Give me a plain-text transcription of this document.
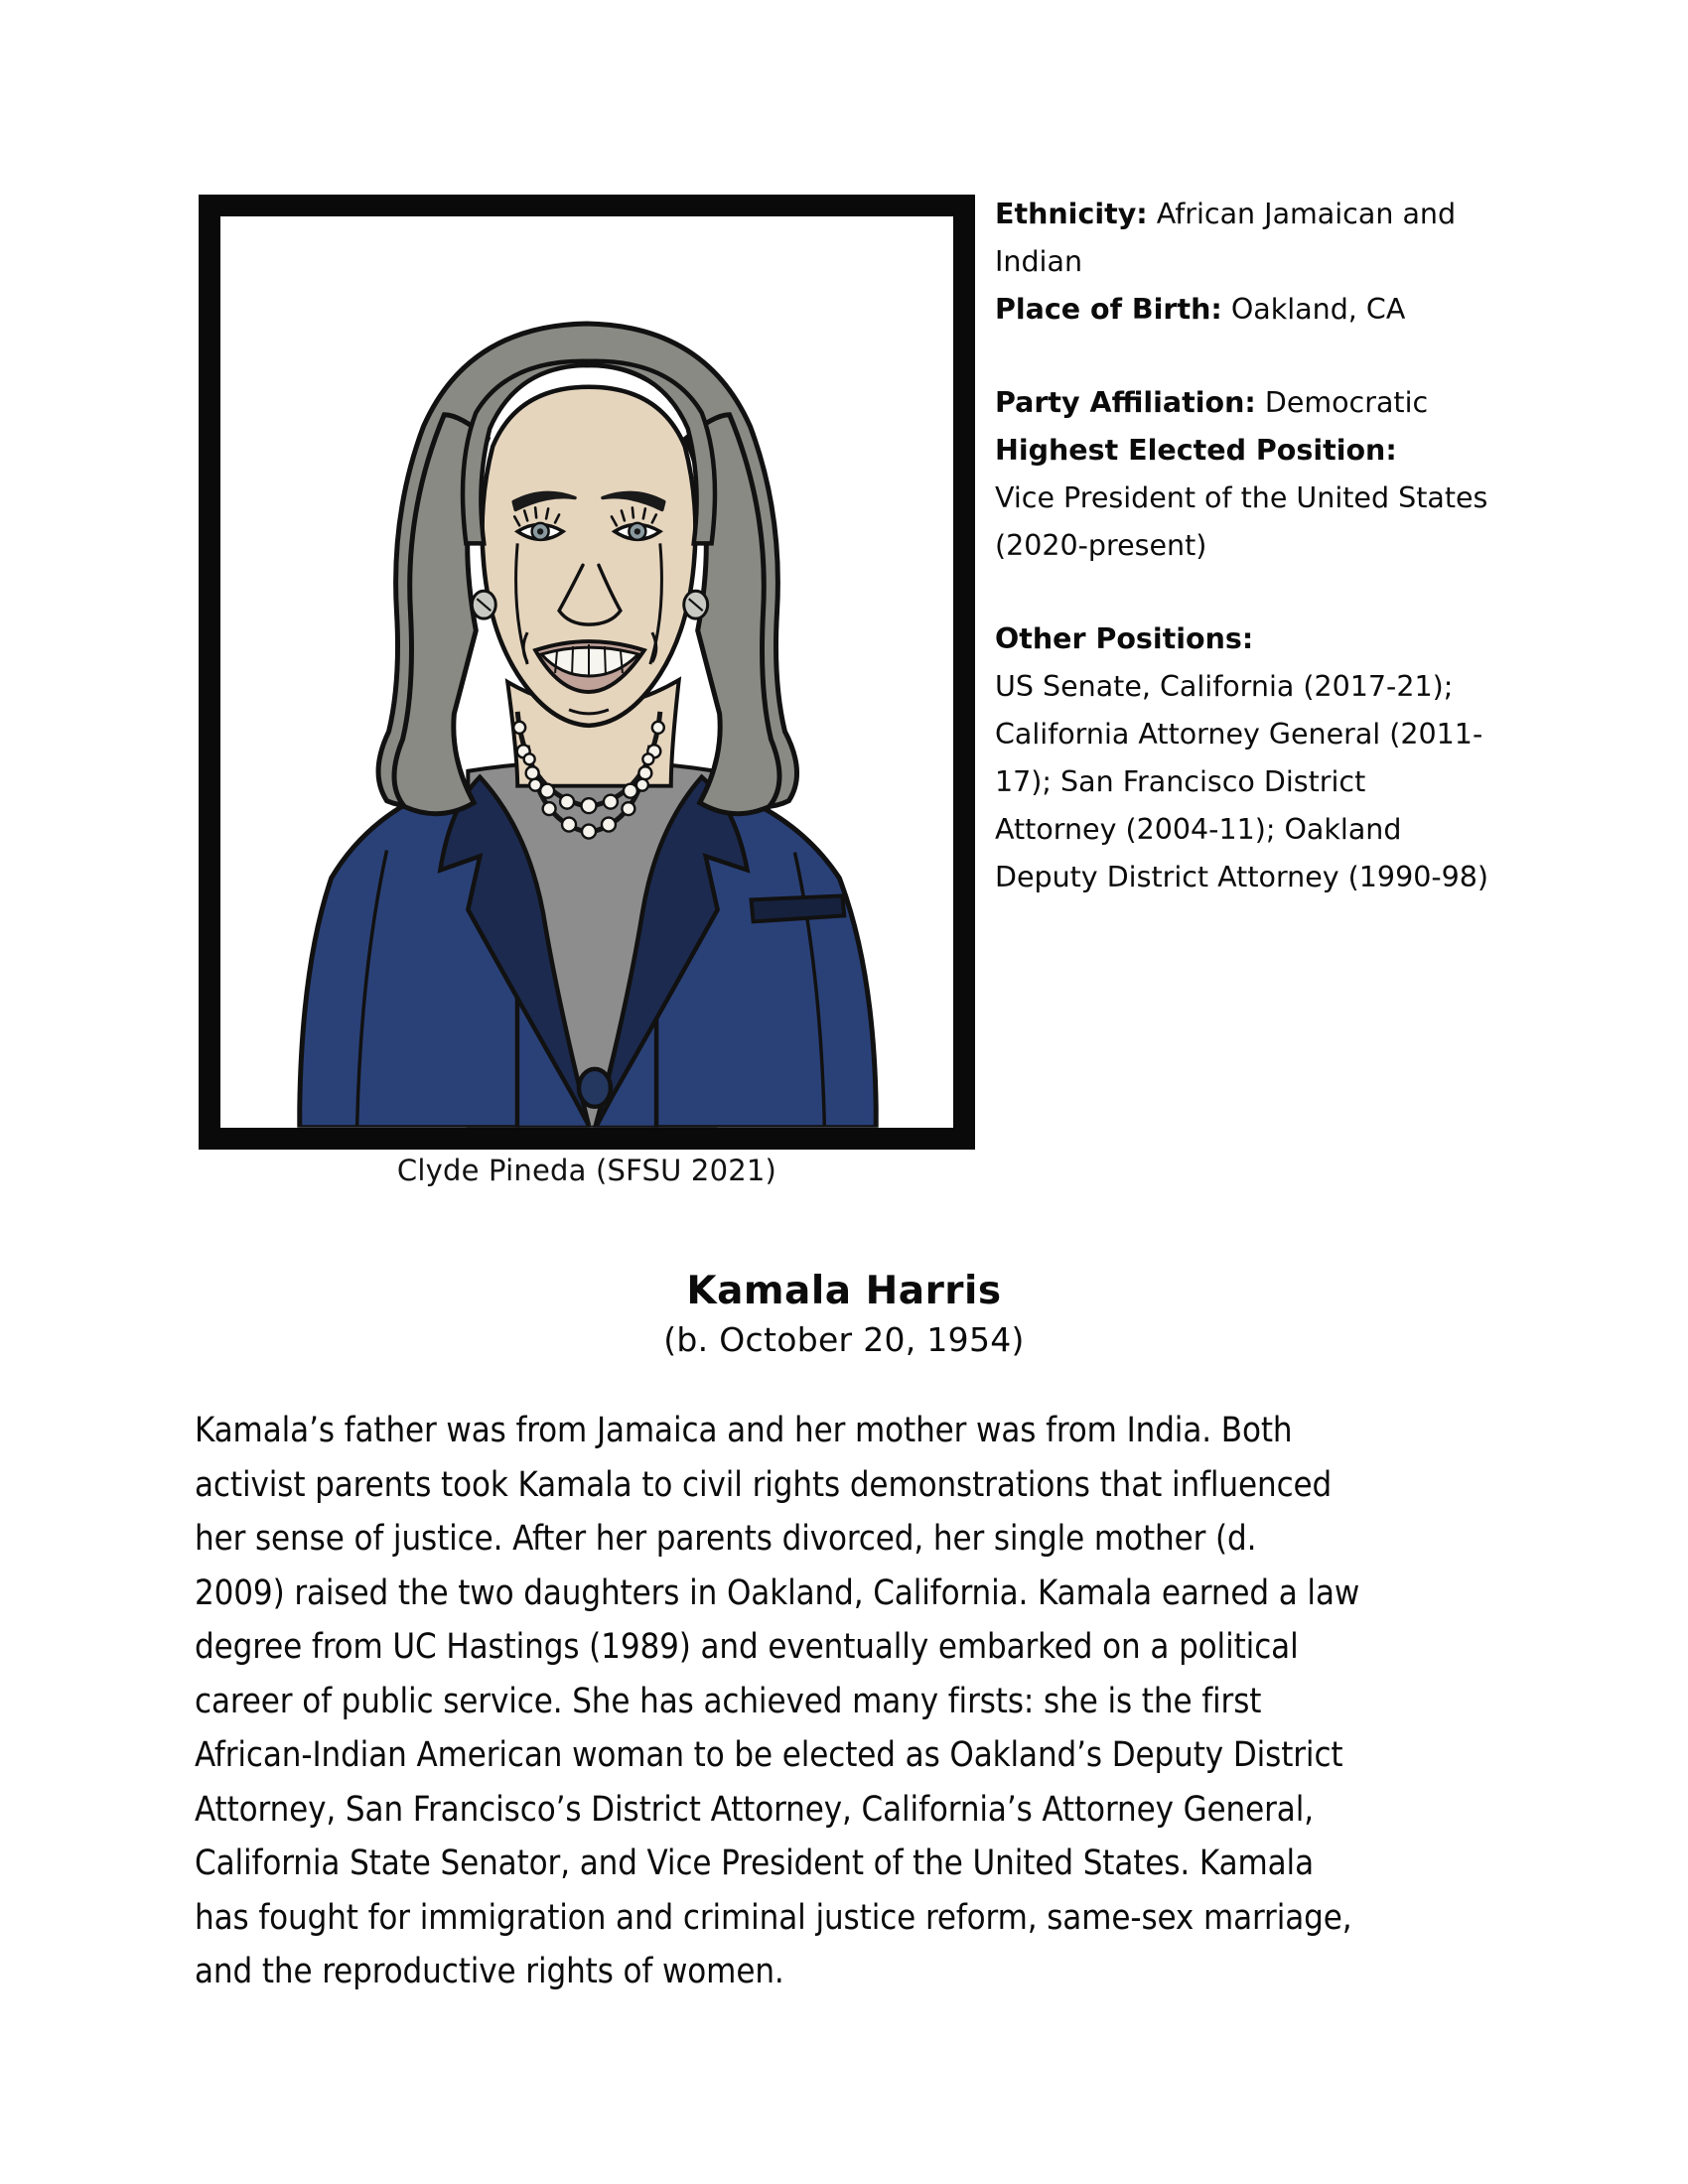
Clyde Pineda (SFSU 2021)
Ethnicity: African Jamaican and Indian
Place of Birth: Oakland, CA
Party Affiliation: Democratic
Highest Elected Position:
Vice President of the United States (2020-present)
Other Positions:
US Senate, California (2017-21); California Attorney General (2011-17); San Francisco District Attorney (2004-11); Oakland Deputy District Attorney (1990-98)
Kamala Harris
(b. October 20, 1954)
Kamala’s father was from Jamaica and her mother was from India. Both
activist parents took Kamala to civil rights demonstrations that influenced
her sense of justice. After her parents divorced, her single mother (d.
2009) raised the two daughters in Oakland, California. Kamala earned a law
degree from UC Hastings (1989) and eventually embarked on a political
career of public service. She has achieved many firsts: she is the first
African-Indian American woman to be elected as Oakland’s Deputy District
Attorney, San Francisco’s District Attorney, California’s Attorney General,
California State Senator, and Vice President of the United States. Kamala
has fought for immigration and criminal justice reform, same-sex marriage,
and the reproductive rights of women.
